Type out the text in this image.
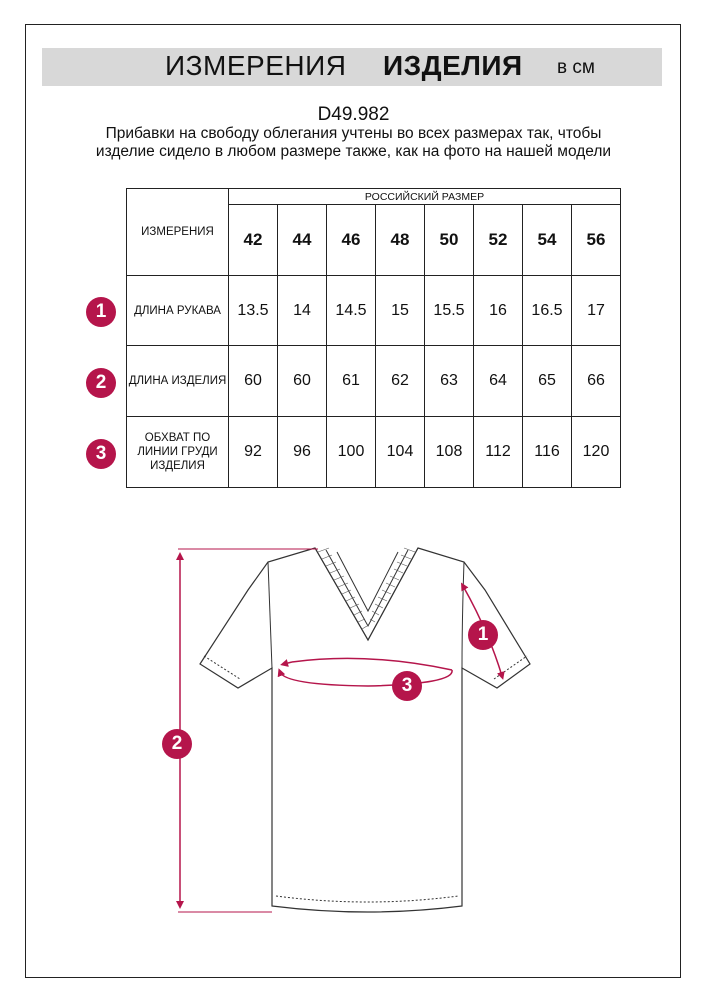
ИЗМЕРЕНИЯ ИЗДЕЛИЯ в см
D49.982
Прибавки на свободу облегания учтены во всех размерах так, чтобы изделие сидело в любом размере также, как на фото на нашей модели
ИЗМЕРЕНИЯ	РОССИЙСКИЙ РАЗМЕР							
	42	44	46	48	50	52	54	56
ДЛИНА РУКАВА	13.5	14	14.5	15	15.5	16	16.5	17
ДЛИНА ИЗДЕЛИЯ	60	60	61	62	63	64	65	66
ОБХВАТ ПО ЛИНИИ ГРУДИ ИЗДЕЛИЯ	92	96	100	104	108	112	116	120
1
2
3
1
3
2
